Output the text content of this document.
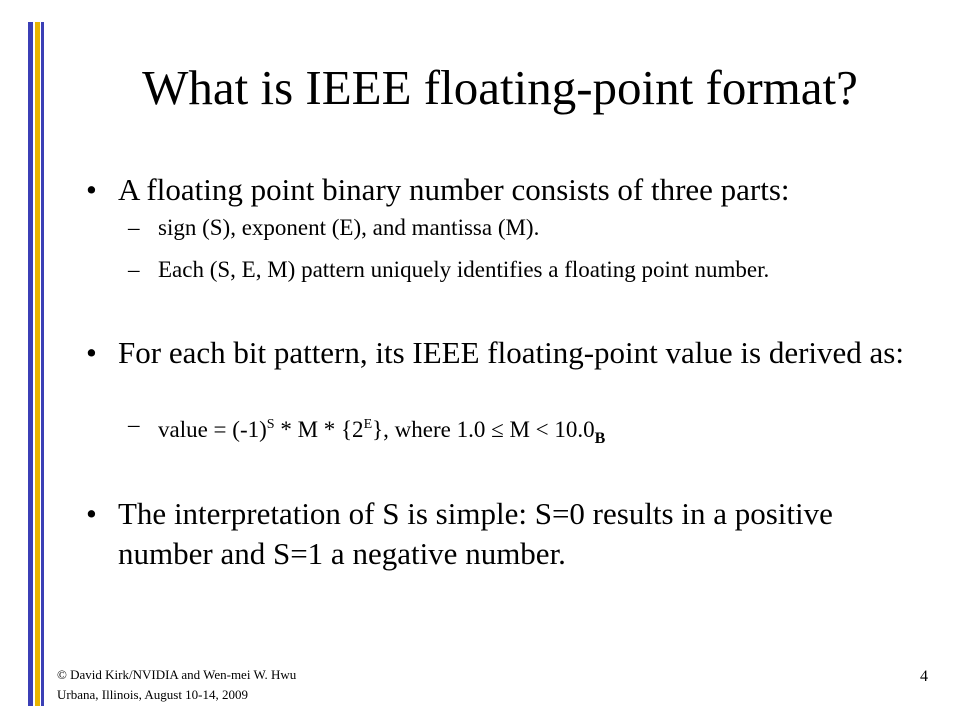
What is IEEE floating-point format?
• A floating point binary number consists of three parts:
– sign (S), exponent (E), and mantissa (M).
– Each (S, E, M) pattern uniquely identifies a floating point number.
• For each bit pattern, its IEEE floating-point value is derived as:
– value = $(-1)^S$ * M * $\{2^E\}$, where $1.0 \le M < 10.0_B$
• The interpretation of S is simple: S=0 results in a positive
number and S=1 a negative number.
© David Kirk/NVIDIA and Wen-mei W. Hwu
Urbana, Illinois, August 10-14, 2009
4
